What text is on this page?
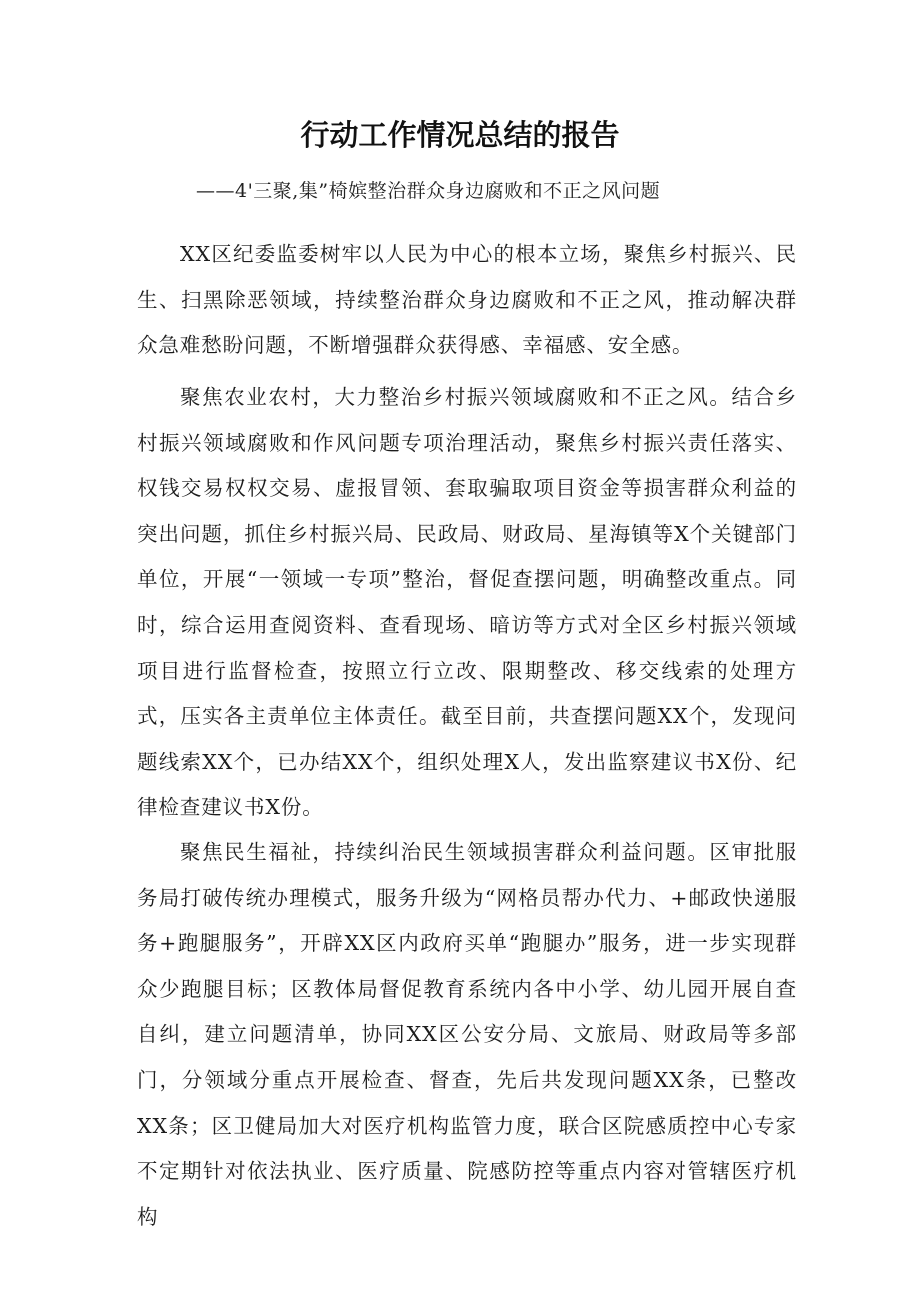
行动工作情况总结的报告

——4'三聚,集”椅嫔整治群众身边腐败和不正之风问题

XX区纪委监委树牢以人民为中心的根本立场，聚焦乡村振兴、民生、扫黑除恶领域，持续整治群众身边腐败和不正之风，推动解决群众急难愁盼问题，不断增强群众获得感、幸福感、安全感。

聚焦农业农村，大力整治乡村振兴领域腐败和不正之风。结合乡村振兴领域腐败和作风问题专项治理活动，聚焦乡村振兴责任落实、权钱交易权权交易、虚报冒领、套取骗取项目资金等损害群众利益的突出问题，抓住乡村振兴局、民政局、财政局、星海镇等X个关键部门单位，开展“一领域一专项”整治，督促查摆问题，明确整改重点。同时，综合运用查阅资料、查看现场、暗访等方式对全区乡村振兴领域项目进行监督检查，按照立行立改、限期整改、移交线索的处理方式，压实各主责单位主体责任。截至目前，共查摆问题XX个，发现问题线索XX个，已办结XX个，组织处理X人，发出监察建议书X份、纪律检查建议书X份。

聚焦民生福祉，持续纠治民生领域损害群众利益问题。区审批服务局打破传统办理模式，服务升级为“网格员帮办代力、+邮政快递服务+跑腿服务”，开辟XX区内政府买单“跑腿办”服务，进一步实现群众少跑腿目标；区教体局督促教育系统内各中小学、幼儿园开展自查自纠，建立问题清单，协同XX区公安分局、文旅局、财政局等多部门，分领域分重点开展检查、督查，先后共发现问题XX条，已整改XX条；区卫健局加大对医疗机构监管力度，联合区院感质控中心专家不定期针对依法执业、医疗质量、院感防控等重点内容对管辖医疗机构
